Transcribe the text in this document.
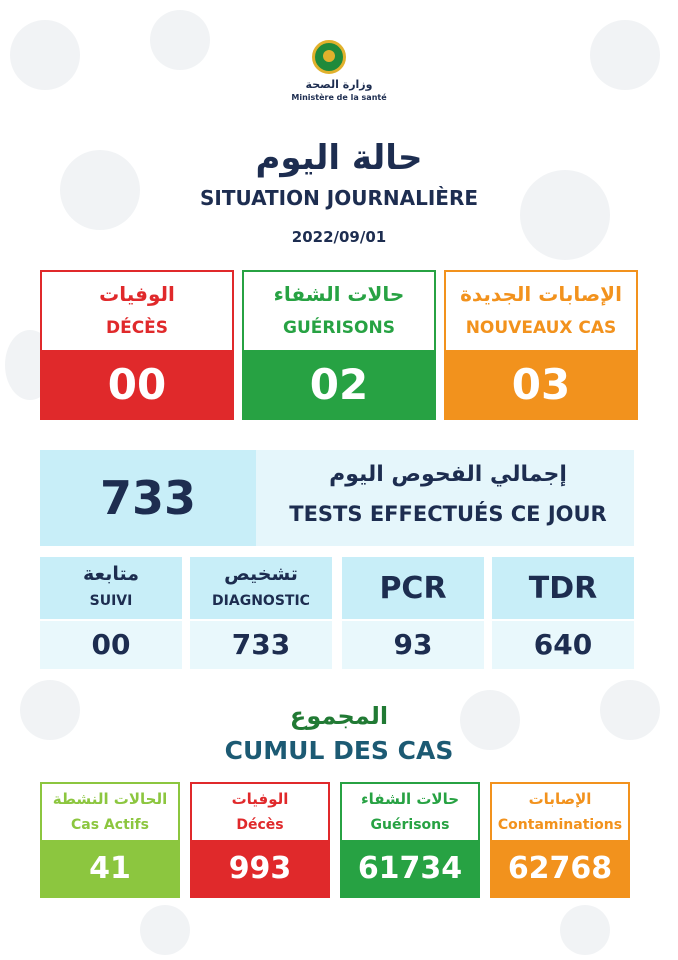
وزارة الصحة
Ministère de la santé
حالة اليوم
SITUATION JOURNALIÈRE
2022/09/01
الوفيات
DÉCÈS
00
حالات الشفاء
GUÉRISONS
02
الإصابات الجديدة
NOUVEAUX CAS
03
733	إجمالي الفحوص اليوم
TESTS EFFECTUÉS CE JOUR
متابعة
SUIVI
00
تشخيص
DIAGNOSTIC
733
PCR
93
TDR
640
المجموع
CUMUL DES CAS
الحالات النشطة
Cas Actifs
41
الوفيات
Décès
993
حالات الشفاء
Guérisons
61734
الإصابات
Contaminations
62768
